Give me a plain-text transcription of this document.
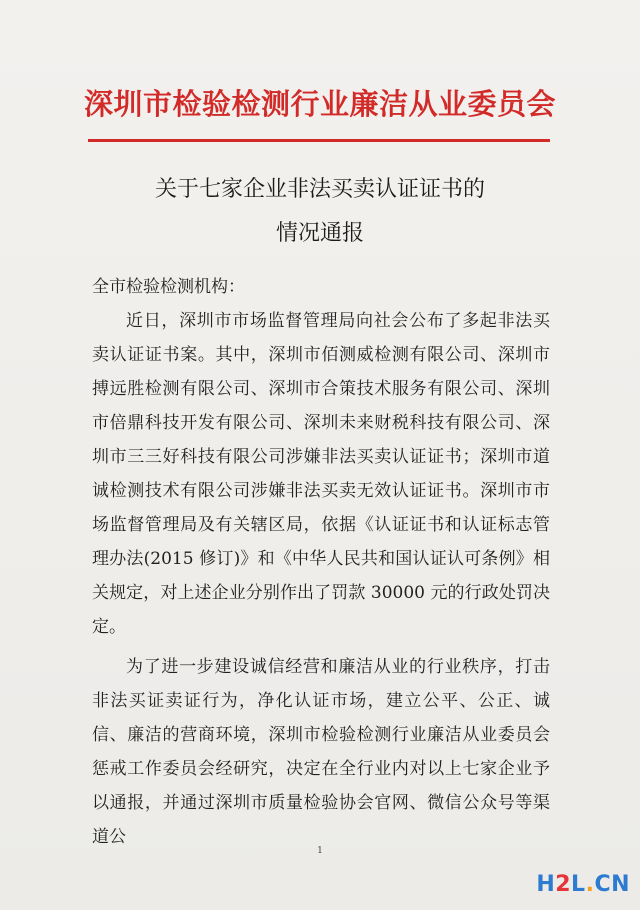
深圳市检验检测行业廉洁从业委员会
关于七家企业非法买卖认证证书的
情况通报
全市检验检测机构：
近日，深圳市市场监督管理局向社会公布了多起非法买卖认证证书案。其中，深圳市佰测威检测有限公司、深圳市搏远胜检测有限公司、深圳市合策技术服务有限公司、深圳市倍鼎科技开发有限公司、深圳未来财税科技有限公司、深圳市三三好科技有限公司涉嫌非法买卖认证证书；深圳市道诚检测技术有限公司涉嫌非法买卖无效认证证书。深圳市市场监督管理局及有关辖区局，依据《认证证书和认证标志管理办法(2015 修订)》和《中华人民共和国认证认可条例》相关规定，对上述企业分别作出了罚款 30000 元的行政处罚决定。
为了进一步建设诚信经营和廉洁从业的行业秩序，打击非法买证卖证行为，净化认证市场，建立公平、公正、诚信、廉洁的营商环境，深圳市检验检测行业廉洁从业委员会惩戒工作委员会经研究，决定在全行业内对以上七家企业予以通报，并通过深圳市质量检验协会官网、微信公众号等渠道公
1
H2L.CN
